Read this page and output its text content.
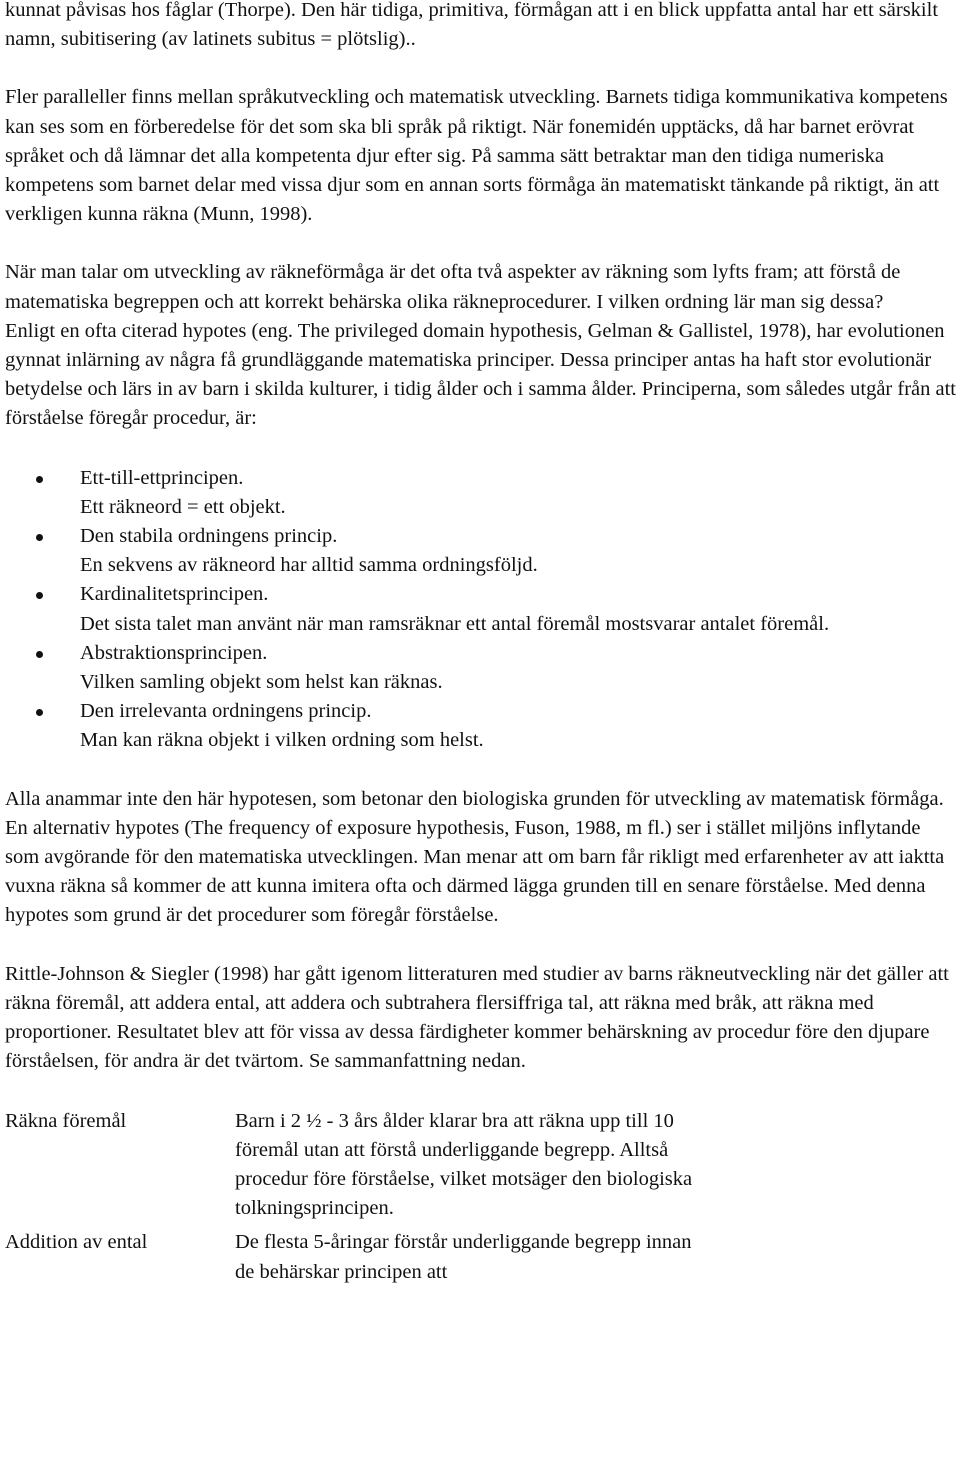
kunnat påvisas hos fåglar (Thorpe). Den här tidiga, primitiva, förmågan att i en blick uppfatta antal har ett särskilt namn, subitisering (av latinets subitus = plötslig)..

Fler paralleller finns mellan språkutveckling och matematisk utveckling. Barnets tidiga kommunikativa kompetens kan ses som en förberedelse för det som ska bli språk på riktigt. När fonemidén upptäcks, då har barnet erövrat språket och då lämnar det alla kompetenta djur efter sig. På samma sätt betraktar man den tidiga numeriska kompetens som barnet delar med vissa djur som en annan sorts förmåga än matematiskt tänkande på riktigt, än att verkligen kunna räkna (Munn, 1998).

När man talar om utveckling av räkneförmåga är det ofta två aspekter av räkning som lyfts fram; att förstå de matematiska begreppen och att korrekt behärska olika räkneprocedurer. I vilken ordning lär man sig dessa?

Enligt en ofta citerad hypotes (eng. The privileged domain hypothesis, Gelman & Gallistel, 1978), har evolutionen gynnat inlärning av några få grundläggande matematiska principer. Dessa principer antas ha haft stor evolutionär betydelse och lärs in av barn i skilda kulturer, i tidig ålder och i samma ålder. Principerna, som således utgår från att förståelse föregår procedur, är:

Ett-till-ettprincipen.
Ett räkneord = ett objekt.
Den stabila ordningens princip.
En sekvens av räkneord har alltid samma ordningsföljd.
Kardinalitetsprincipen.
Det sista talet man använt när man ramsräknar ett antal föremål mostsvarar antalet föremål.
Abstraktionsprincipen.
Vilken samling objekt som helst kan räknas.
Den irrelevanta ordningens princip.
Man kan räkna objekt i vilken ordning som helst.

Alla anammar inte den här hypotesen, som betonar den biologiska grunden för utveckling av matematisk förmåga. En alternativ hypotes (The frequency of exposure hypothesis, Fuson, 1988, m fl.) ser i stället miljöns inflytande som avgörande för den matematiska utvecklingen. Man menar att om barn får rikligt med erfarenheter av att iaktta vuxna räkna så kommer de att kunna imitera ofta och därmed lägga grunden till en senare förståelse. Med denna hypotes som grund är det procedurer som föregår förståelse.

Rittle-Johnson & Siegler (1998) har gått igenom litteraturen med studier av barns räkneutveckling när det gäller att räkna föremål, att addera ental, att addera och subtrahera flersiffriga tal, att räkna med bråk, att räkna med proportioner. Resultatet blev att för vissa av dessa färdigheter kommer behärskning av procedur före den djupare förståelsen, för andra är det tvärtom. Se sammanfattning nedan.

Räkna föremål	Barn i 2 ½ - 3 års ålder klarar bra att räkna upp till 10 föremål utan att förstå underliggande begrepp. Alltså procedur före förståelse, vilket motsäger den biologiska tolkningsprincipen.
Addition av ental	De flesta 5-åringar förstår underliggande begrepp innan de behärskar principen att
